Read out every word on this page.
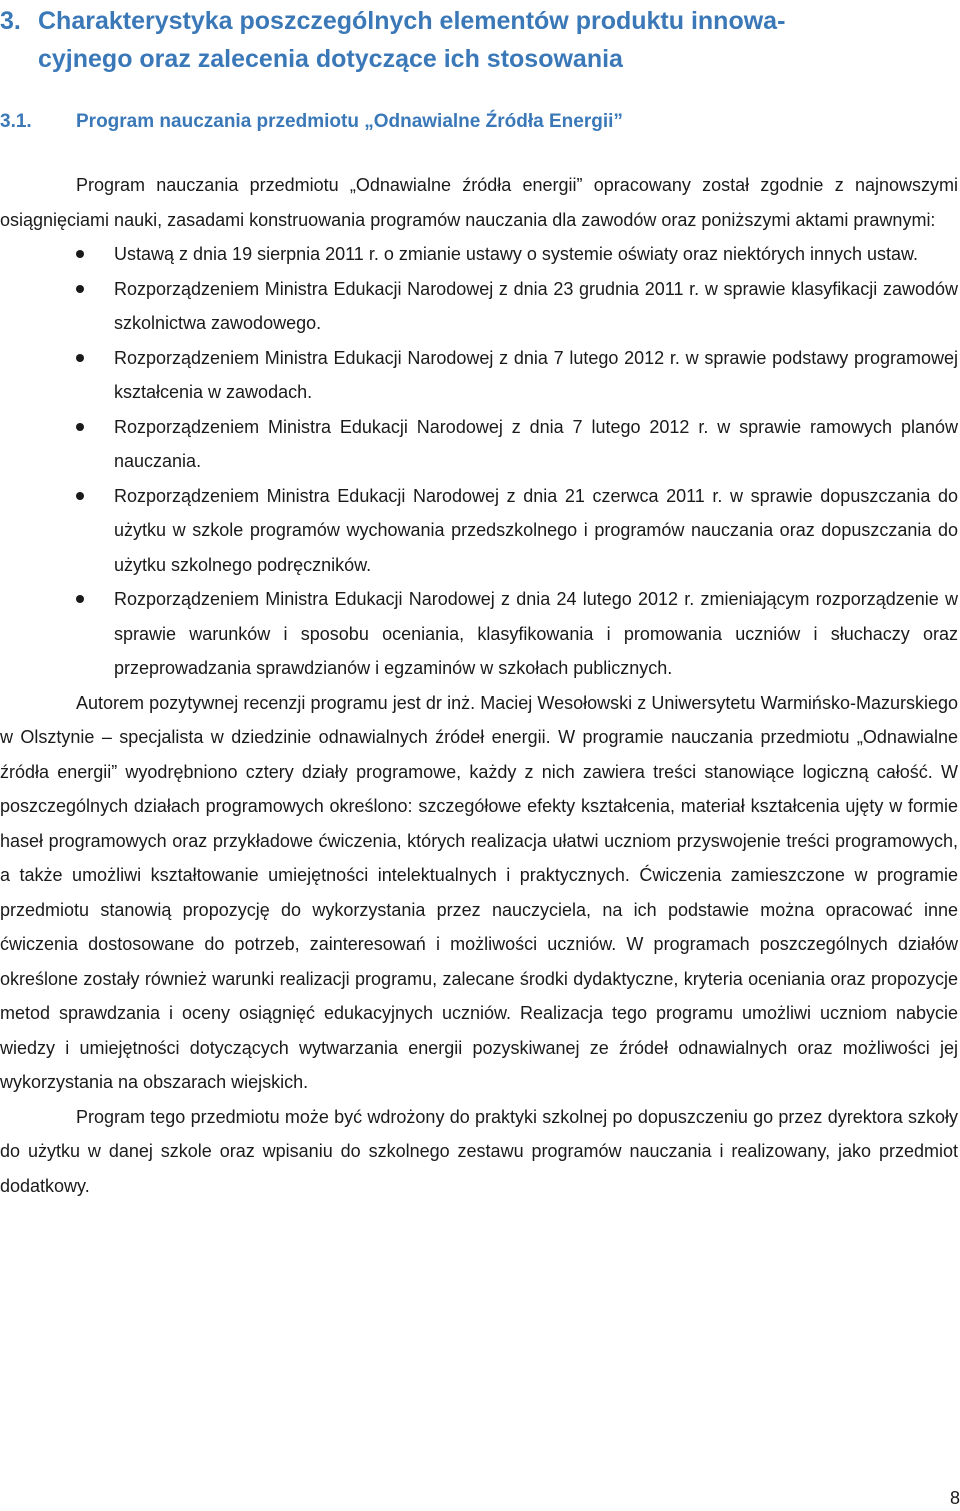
3. Charakterystyka poszczególnych elementów produktu innowa-
cyjnego oraz zalecenia dotyczące ich stosowania
3.1. Program nauczania przedmiotu „Odnawialne Źródła Energii”

Program nauczania przedmiotu „Odnawialne źródła energii” opracowany został zgodnie z najnowszymi osiągnięciami nauki, zasadami konstruowania programów nauczania dla zawodów oraz poniższymi aktami prawnymi:

Ustawą z dnia 19 sierpnia 2011 r. o zmianie ustawy o systemie oświaty oraz niektórych innych ustaw.
Rozporządzeniem Ministra Edukacji Narodowej z dnia 23 grudnia 2011 r. w sprawie klasyfikacji zawodów szkolnictwa zawodowego.
Rozporządzeniem Ministra Edukacji Narodowej z dnia 7 lutego 2012 r. w sprawie podstawy programowej kształcenia w zawodach.
Rozporządzeniem Ministra Edukacji Narodowej z dnia 7 lutego 2012 r. w sprawie ramowych planów nauczania.
Rozporządzeniem Ministra Edukacji Narodowej z dnia 21 czerwca 2011 r. w sprawie dopuszczania do użytku w szkole programów wychowania przedszkolnego i programów nauczania oraz dopuszczania do użytku szkolnego podręczników.
Rozporządzeniem Ministra Edukacji Narodowej z dnia 24 lutego 2012 r. zmieniającym rozporządzenie w sprawie warunków i sposobu oceniania, klasyfikowania i promowania uczniów i słuchaczy oraz przeprowadzania sprawdzianów i egzaminów w szkołach publicznych.

Autorem pozytywnej recenzji programu jest dr inż. Maciej Wesołowski z Uniwersytetu Warmińsko-Mazurskiego w Olsztynie – specjalista w dziedzinie odnawialnych źródeł energii. W programie nauczania przedmiotu „Odnawialne źródła energii” wyodrębniono cztery działy programowe, każdy z nich zawiera treści stanowiące logiczną całość. W poszczególnych działach programowych określono: szczegółowe efekty kształcenia, materiał kształcenia ujęty w formie haseł programowych oraz przykładowe ćwiczenia, których realizacja ułatwi uczniom przyswojenie treści programowych, a także umożliwi kształtowanie umiejętności intelektualnych i praktycznych. Ćwiczenia zamieszczone w programie przedmiotu stanowią propozycję do wykorzystania przez nauczyciela, na ich podstawie można opracować inne ćwiczenia dostosowane do potrzeb, zainteresowań i możliwości uczniów. W programach poszczególnych działów określone zostały również warunki realizacji programu, zalecane środki dydaktyczne, kryteria oceniania oraz propozycje metod sprawdzania i oceny osiągnięć edukacyjnych uczniów. Realizacja tego programu umożliwi uczniom nabycie wiedzy i umiejętności dotyczących wytwarzania energii pozyskiwanej ze źródeł odnawialnych oraz możliwości jej wykorzystania na obszarach wiejskich.

Program tego przedmiotu może być wdrożony do praktyki szkolnej po dopuszczeniu go przez dyrektora szkoły do użytku w danej szkole oraz wpisaniu do szkolnego zestawu programów nauczania i realizowany, jako przedmiot dodatkowy.

8
